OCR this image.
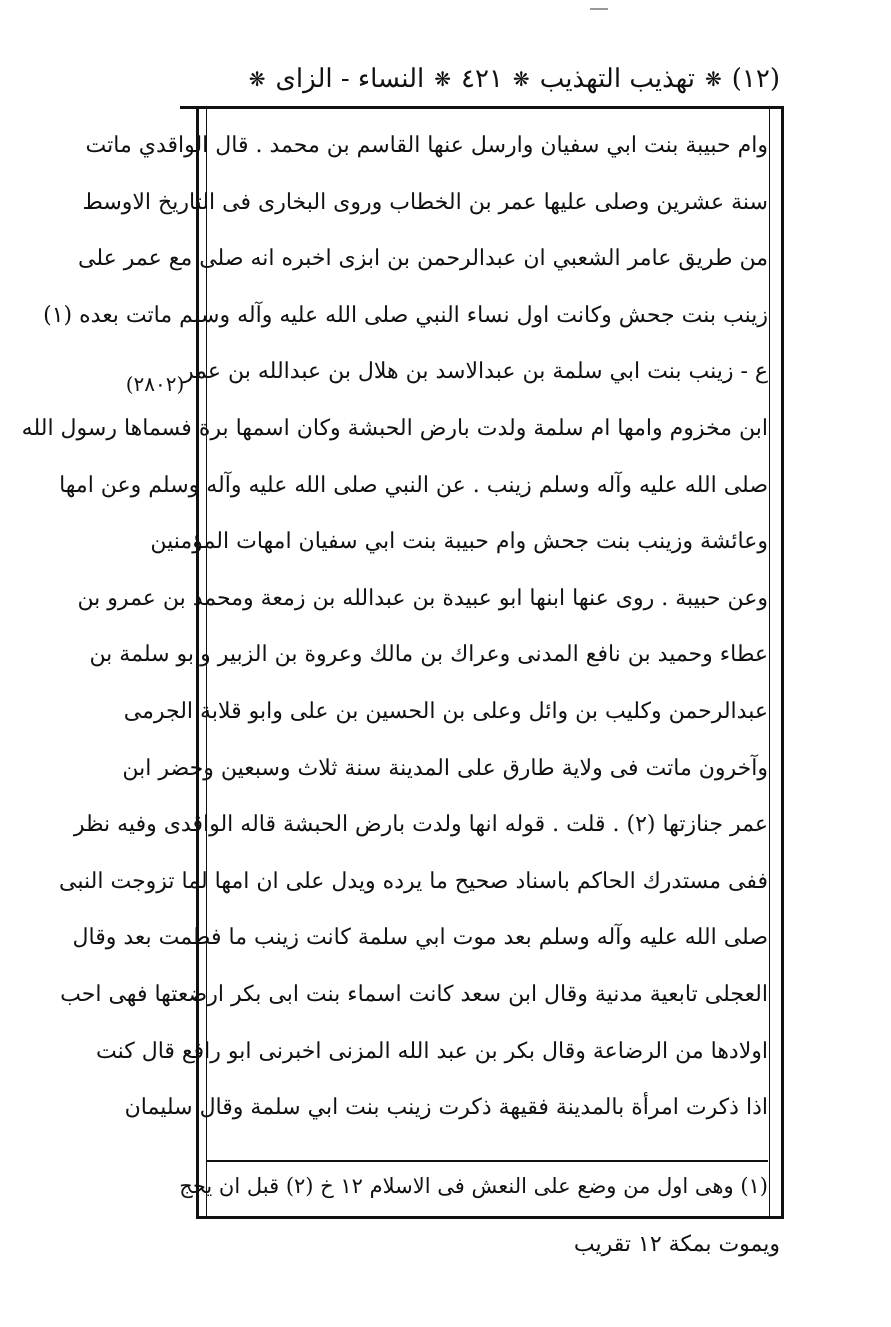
(١٢)
❋
تهذيب التهذيب
❋
٤٢١
❋
النساء - الزاى
❋
(٢٨٠٢)
وام حبيبة بنت ابي سفيان وارسل عنها القاسم بن محمد . قال الواقدي ماتت
سنة عشرين وصلى عليها عمر بن الخطاب وروى البخارى فى التاريخ الاوسط
من طريق عامر الشعبي ان عبدالرحمن بن ابزى اخبره انه صلى مع عمر على
زينب بنت جحش وكانت اول نساء النبي صلى الله عليه وآله وسلم ماتت بعده (١)
ع - زينب بنت ابي سلمة بن عبدالاسد بن هلال بن عبدالله بن عمر
ابن مخزوم وامها ام سلمة ولدت بارض الحبشة وكان اسمها برة فسماها رسول الله
صلى الله عليه وآله وسلم زينب . عن النبي صلى الله عليه وآله وسلم وعن امها
وعائشة وزينب بنت جحش وام حبيبة بنت ابي سفيان امهات المؤمنين
وعن حبيبة . روى عنها ابنها ابو عبيدة بن عبدالله بن زمعة ومحمد بن عمرو بن
عطاء وحميد بن نافع المدنى وعراك بن مالك وعروة بن الزبير وابو سلمة بن
عبدالرحمن وكليب بن وائل وعلى بن الحسين بن على وابو قلابة الجرمى
وآخرون ماتت فى ولاية طارق على المدينة سنة ثلاث وسبعين وحضر ابن
عمر جنازتها (٢) . قلت . قوله انها ولدت بارض الحبشة قاله الواقدى وفيه نظر
ففى مستدرك الحاكم باسناد صحيح ما يرده ويدل على ان امها لما تزوجت النبى
صلى الله عليه وآله وسلم بعد موت ابي سلمة كانت زينب ما فطمت بعد وقال
العجلى تابعية مدنية وقال ابن سعد كانت اسماء بنت ابى بكر ارضعتها فهى احب
اولادها من الرضاعة وقال بكر بن عبد الله المزنى اخبرنى ابو رافع قال كنت
اذا ذكرت امرأة بالمدينة فقيهة ذكرت زينب بنت ابي سلمة وقال سليمان
(١) وهى اول من وضع على النعش فى الاسلام ١٢ خ (٢) قبل ان يحج
ويموت بمكة ١٢ تقريب
